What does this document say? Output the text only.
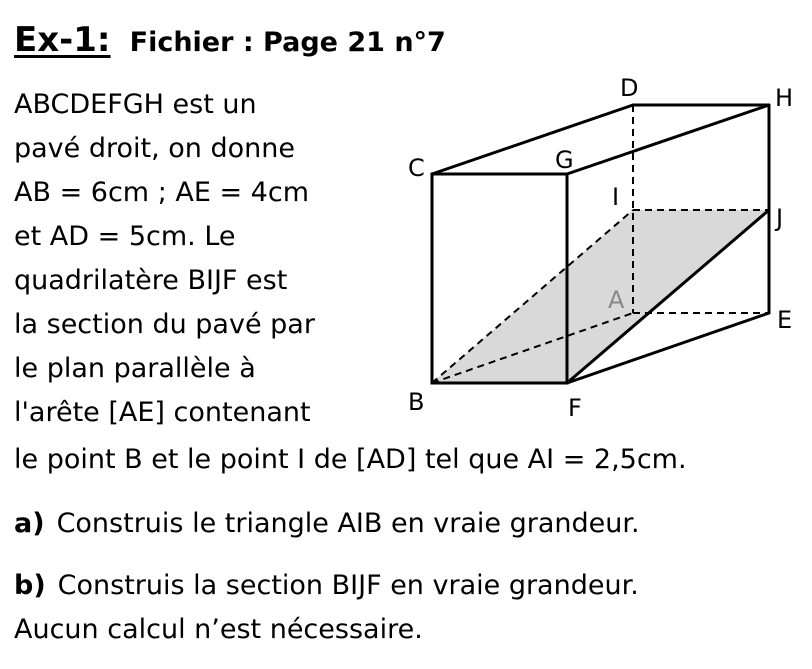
Ex-1: Fichier : Page 21 n°7
ABCDEFGH est un
pavé droit, on donne
AB = 6cm ; AE = 4cm
et AD = 5cm. Le
quadrilatère BIJF est
la section du pavé par
le plan parallèle à
l'arête [AE] contenant
le point B et le point I de [AD] tel que AI = 2,5cm.
a) Construis le triangle AIB en vraie grandeur.
b) Construis la section BIJF en vraie grandeur.
Aucun calcul n’est nécessaire.
A
B
C
D
E
F
G
H
I
J
